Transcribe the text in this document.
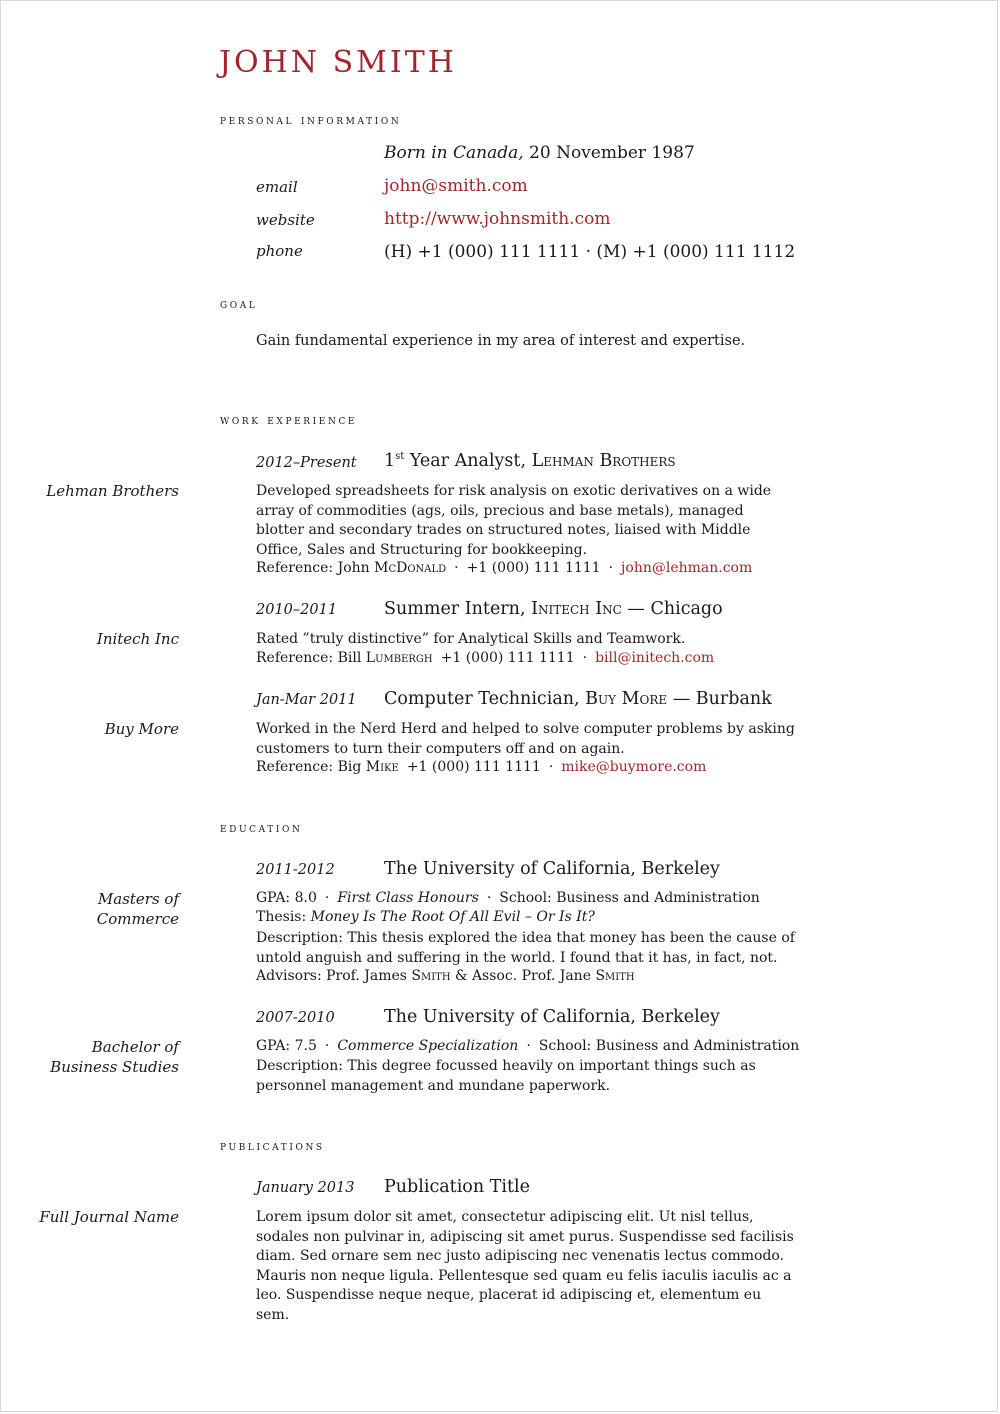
JOHN SMITH
personal information
Born in Canada, 20 November 1987
email	john@smith.com
website	http://www.johnsmith.com
phone	(H) +1 (000) 111 1111 · (M) +1 (000) 111 1112
goal
Gain fundamental experience in my area of interest and expertise.
work experience
2012–Present 1st Year Analyst, Lehman Brothers
Lehman Brothers	Developed spreadsheets for risk analysis on exotic derivatives on a wide array of commodities (ags, oils, precious and base metals), managed blotter and secondary trades on structured notes, liaised with Middle Office, Sales and Structuring for bookkeeping.
Reference: John McDonald · +1 (000) 111 1111 · john@lehman.com
2010–2011	Summer Intern, Initech Inc — Chicago
Initech Inc	Rated ”truly distinctive” for Analytical Skills and Teamwork.
Reference: Bill Lumbergh +1 (000) 111 1111 · bill@initech.com
Jan-Mar 2011 Computer Technician, Buy More — Burbank
Buy More	Worked in the Nerd Herd and helped to solve computer problems by asking customers to turn their computers off and on again.
Reference: Big Mike +1 (000) 111 1111 · mike@buymore.com
education
2011-2012	The University of California, Berkeley
Masters of
Commerce
GPA: 8.0 · First Class Honours · School: Business and Administration
Thesis: Money Is The Root Of All Evil – Or Is It?
Description: This thesis explored the idea that money has been the cause of untold anguish and suffering in the world. I found that it has, in fact, not.
Advisors: Prof. James Smith & Assoc. Prof. Jane Smith
2007-2010	The University of California, Berkeley
Bachelor of
Business Studies
GPA: 7.5 · Commerce Specialization · School: Business and Administration
Description: This degree focussed heavily on important things such as personnel management and mundane paperwork.
publications
January 2013 Publication Title
Full Journal Name	Lorem ipsum dolor sit amet, consectetur adipiscing elit. Ut nisl tellus, sodales non pulvinar in, adipiscing sit amet purus. Suspendisse sed facilisis diam. Sed ornare sem nec justo adipiscing nec venenatis lectus commodo. Mauris non neque ligula. Pellentesque sed quam eu felis iaculis iaculis ac a leo. Suspendisse neque neque, placerat id adipiscing et, elementum eu sem.
